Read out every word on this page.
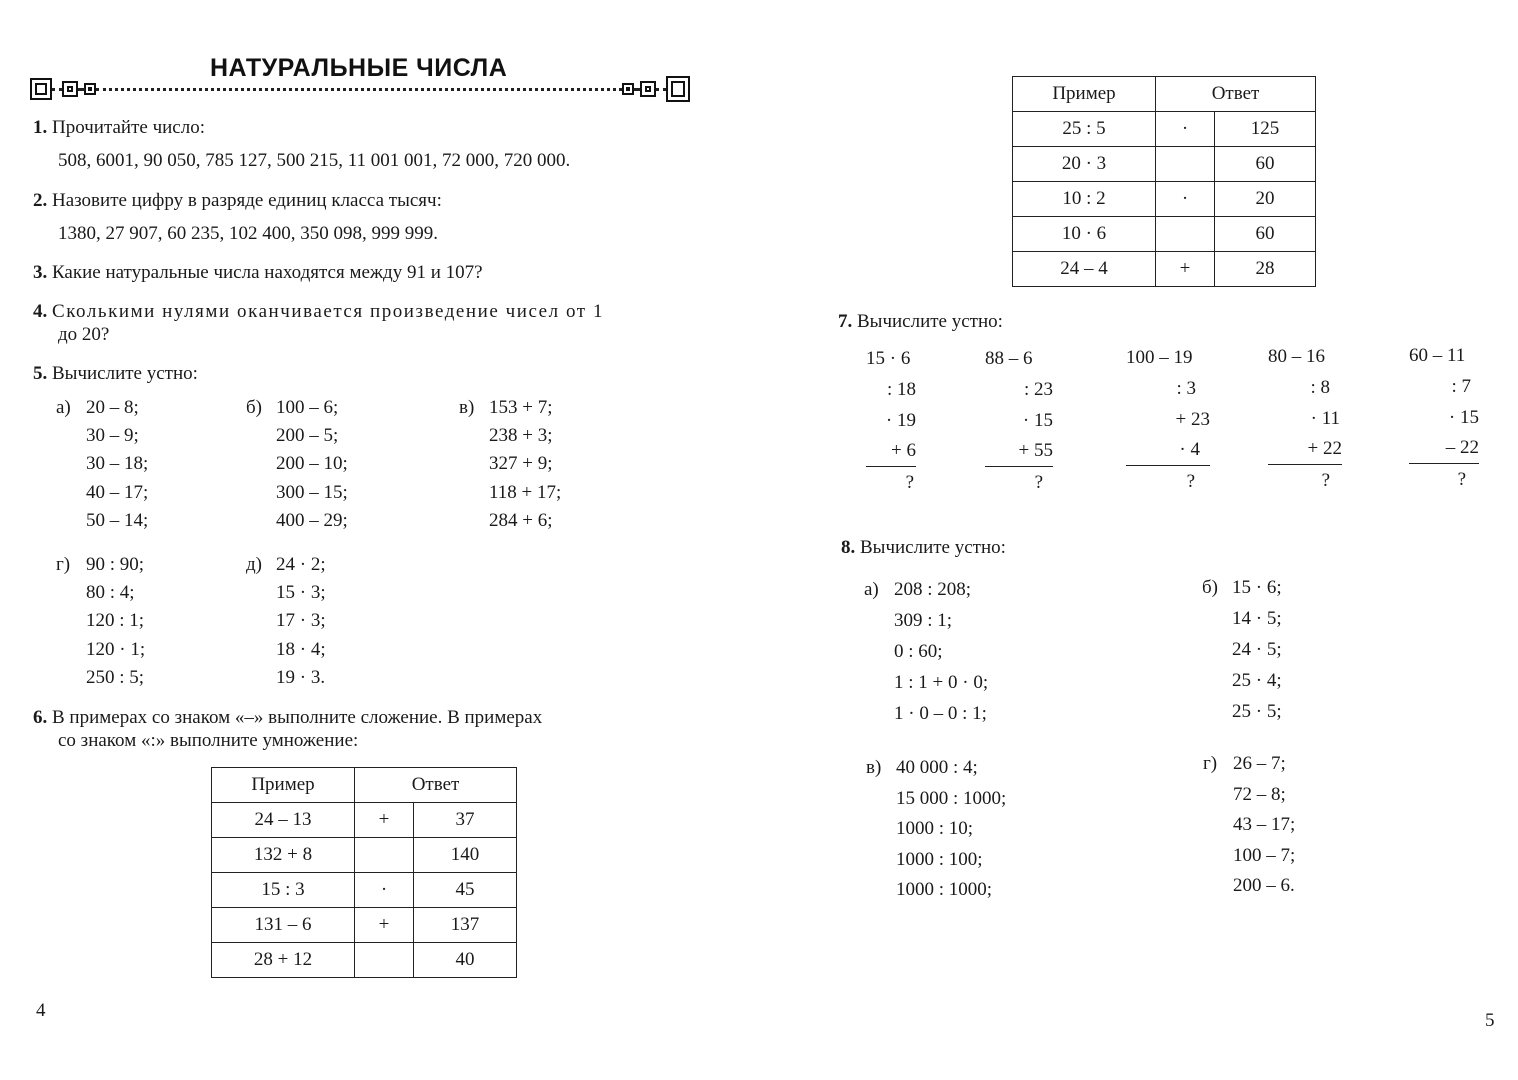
НАТУРАЛЬНЫЕ ЧИСЛА
1. Прочитайте число:
508, 6001, 90 050, 785 127, 500 215, 11 001 001, 72 000, 720 000.
2. Назовите цифру в разряде единиц класса тысяч:
1380, 27 907, 60 235, 102 400, 350 098, 999 999.
3. Какие натуральные числа находятся между 91 и 107?
4. Сколькими нулями оканчивается произведение чисел от 1
до 20?
5. Вычислите устно:
а) 20 – 8;
30 – 9;
30 – 18;
40 – 17;
50 – 14;
б) 100 – 6;
200 – 5;
200 – 10;
300 – 15;
400 – 29;
в) 153 + 7;
238 + 3;
327 + 9;
118 + 17;
284 + 6;
г) 90 : 90;
80 : 4;
120 : 1;
120 · 1;
250 : 5;
д) 24 · 2;
15 · 3;
17 · 3;
18 · 4;
19 · 3.
6. В примерах со знаком «–» выполните сложение. В примерах
со знаком «:» выполните умножение:
Пример	Ответ	
24 – 13	+	37
132 + 8		140
15 : 3	·	45
131 – 6	+	137
28 + 12		40
Пример	Ответ	
25 : 5	·	125
20 · 3		60
10 : 2	·	20
10 · 6		60
24 – 4	+	28
7. Вычислите устно:
15 · 6
: 18
· 19
+ 6
?
88 – 6
: 23
· 15
+ 55
?
100 – 19
: 3
+ 23
· 4
?
80 – 16
: 8
· 11
+ 22
?
60 – 11
: 7
· 15
– 22
?
8. Вычислите устно:
а) 208 : 208;
309 : 1;
0 : 60;
1 : 1 + 0 · 0;
1 · 0 – 0 : 1;
б) 15 · 6;
14 · 5;
24 · 5;
25 · 4;
25 · 5;
в) 40 000 : 4;
15 000 : 1000;
1000 : 10;
1000 : 100;
1000 : 1000;
г) 26 – 7;
72 – 8;
43 – 17;
100 – 7;
200 – 6.
4	5
